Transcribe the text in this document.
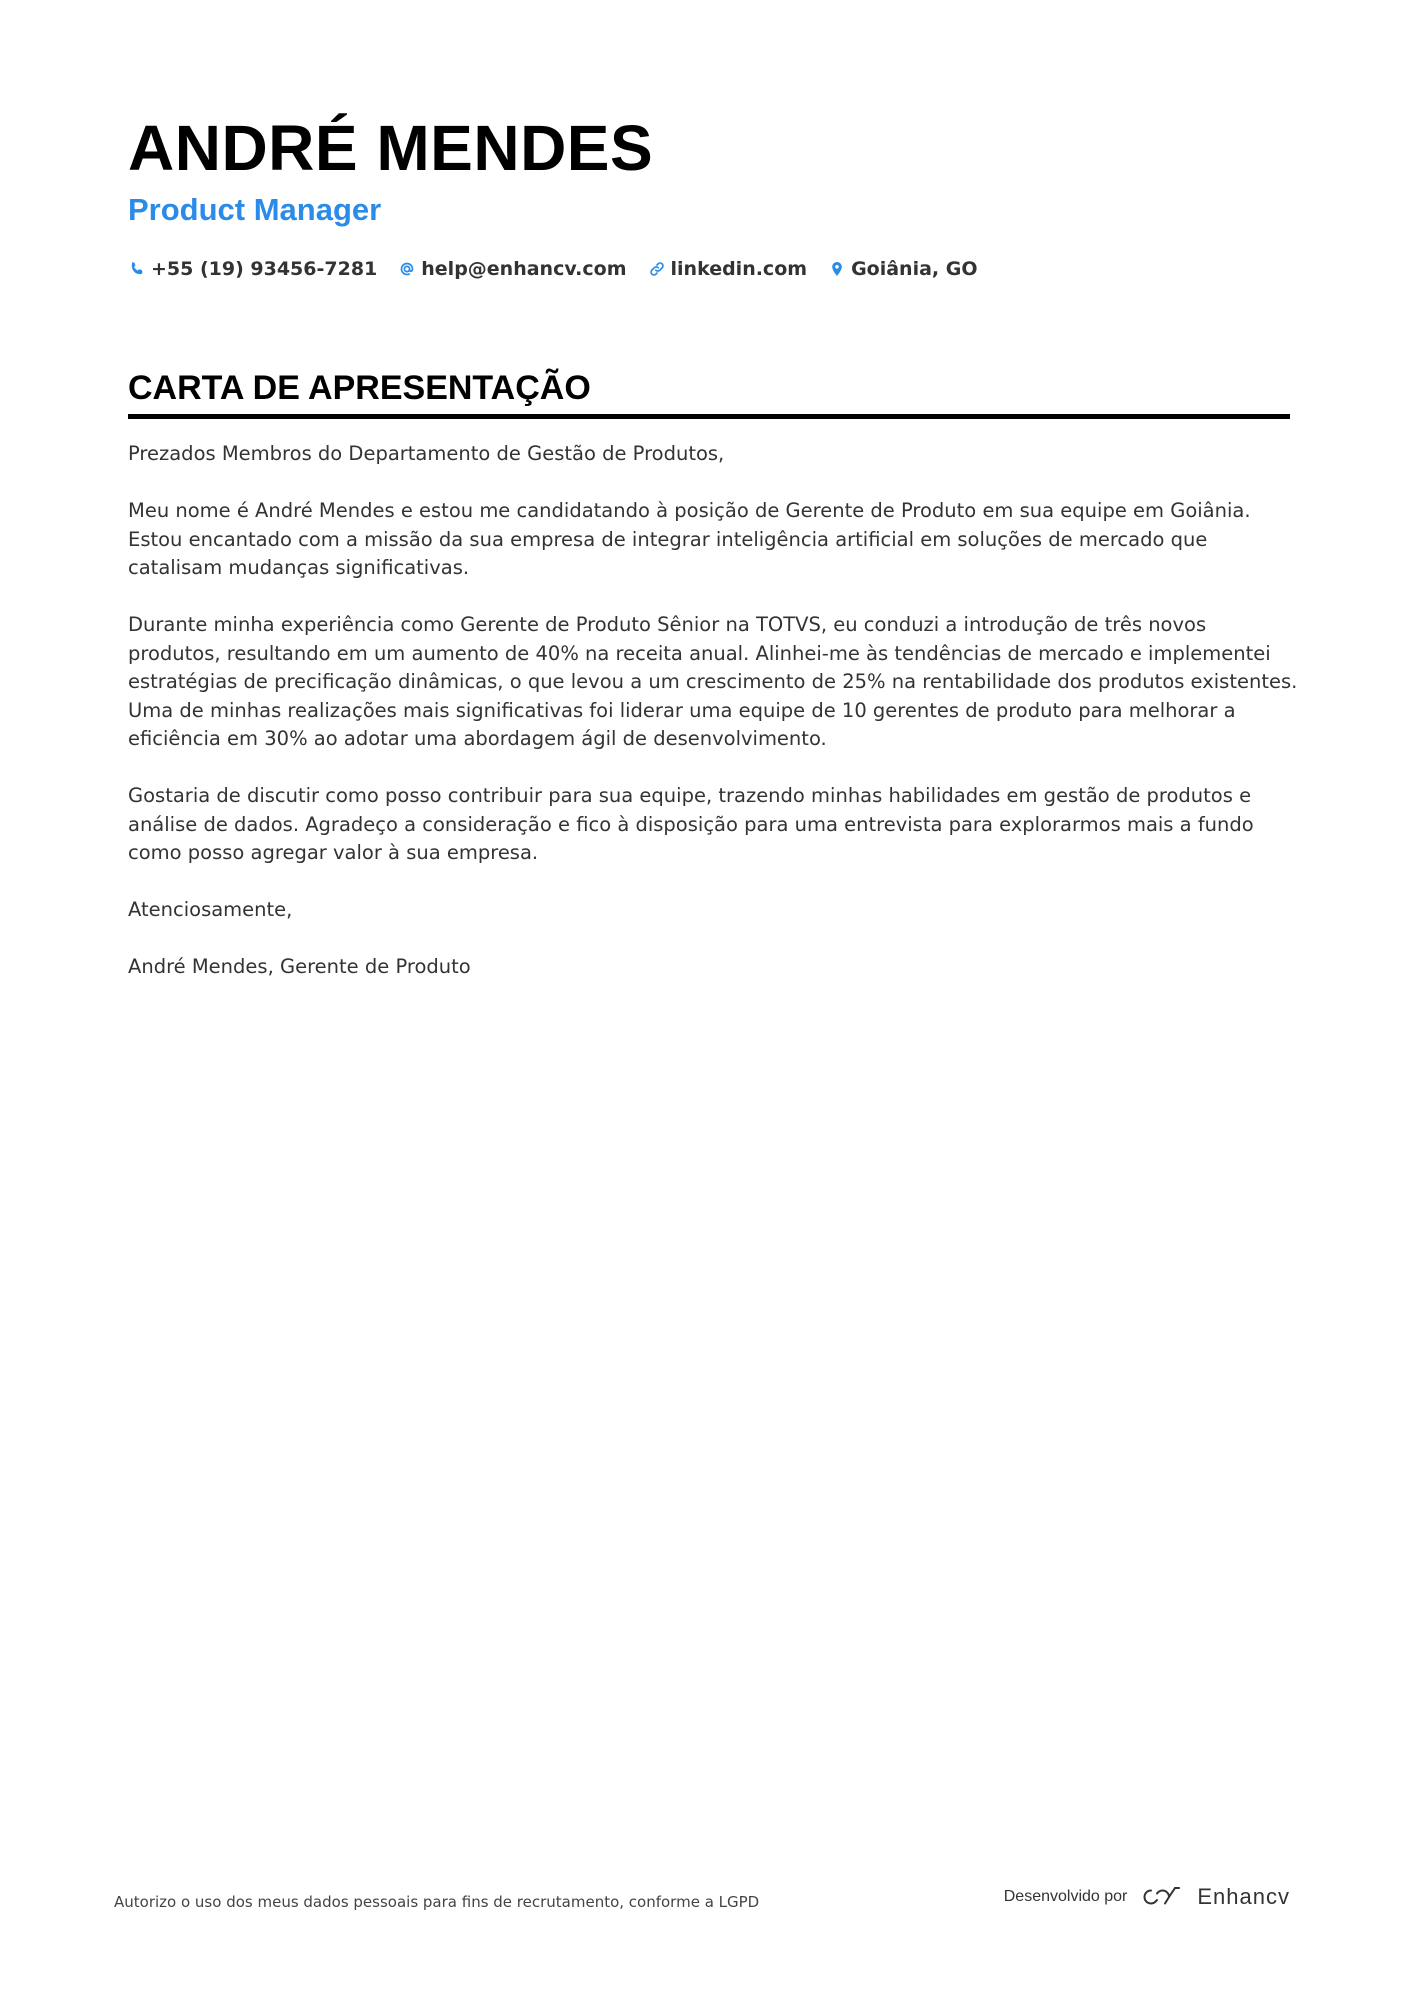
ANDRÉ MENDES
Product Manager
+55 (19) 93456-7281 help@enhancv.com linkedin.com Goiânia, GO
CARTA DE APRESENTAÇÃO

Prezados Membros do Departamento de Gestão de Produtos,

Meu nome é André Mendes e estou me candidatando à posição de Gerente de Produto em sua equipe em Goiânia. Estou encantado com a missão da sua empresa de integrar inteligência artificial em soluções de mercado que catalisam mudanças significativas.

Durante minha experiência como Gerente de Produto Sênior na TOTVS, eu conduzi a introdução de três novos produtos, resultando em um aumento de 40% na receita anual. Alinhei-me às tendências de mercado e implementei estratégias de precificação dinâmicas, o que levou a um crescimento de 25% na rentabilidade dos produtos existentes. Uma de minhas realizações mais significativas foi liderar uma equipe de 10 gerentes de produto para melhorar a eficiência em 30% ao adotar uma abordagem ágil de desenvolvimento.

Gostaria de discutir como posso contribuir para sua equipe, trazendo minhas habilidades em gestão de produtos e análise de dados. Agradeço a consideração e fico à disposição para uma entrevista para explorarmos mais a fundo como posso agregar valor à sua empresa.

Atenciosamente,

André Mendes, Gerente de Produto

Autorizo o uso dos meus dados pessoais para fins de recrutamento, conforme a LGPD	Desenvolvido por	Enhancv
